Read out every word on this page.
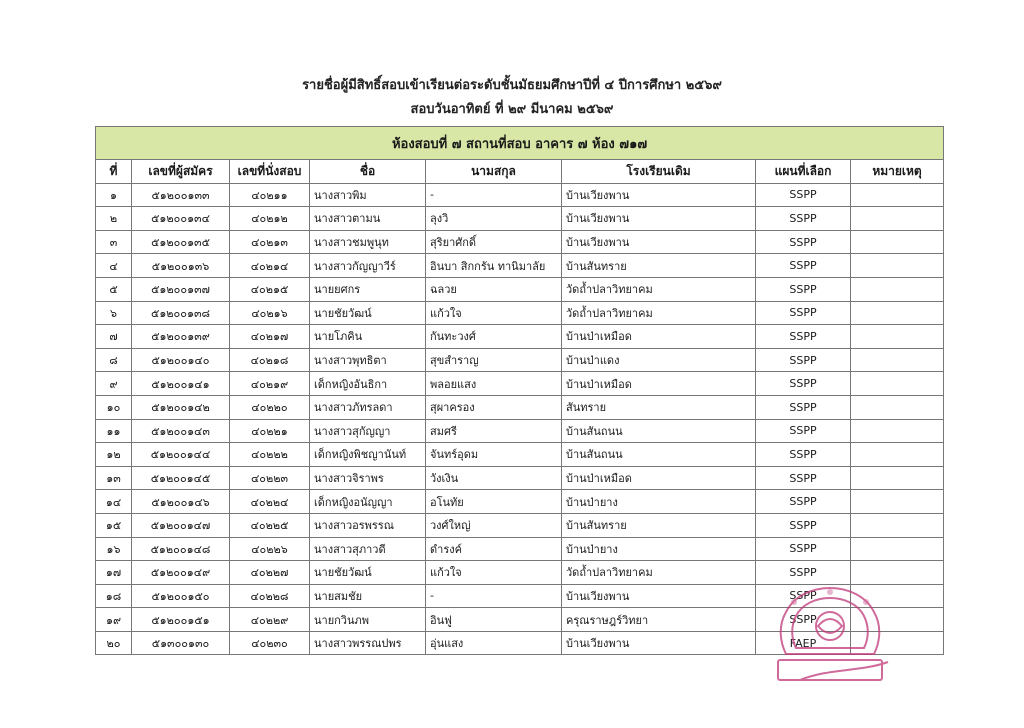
รายชื่อผู้มีสิทธิ์สอบเข้าเรียนต่อระดับชั้นมัธยมศึกษาปีที่ ๔ ปีการศึกษา ๒๕๖๙
สอบวันอาทิตย์ ที่ ๒๙ มีนาคม ๒๕๖๙
ห้องสอบที่ ๗ สถานที่สอบ อาคาร ๗ ห้อง ๗๑๗							
ที่	เลขที่ผู้สมัคร	เลขที่นั่งสอบ	ชื่อ	นามสกุล	โรงเรียนเดิม	แผนที่เลือก	หมายเหตุ
๑	๕๑๒๐๐๑๓๓	๔๐๒๑๑	นางสาวพิม	-	บ้านเวียงพาน	SSPP	
๒	๕๑๒๐๐๑๓๔	๔๐๒๑๒	นางสาวตามน	ลุงวิ	บ้านเวียงพาน	SSPP	
๓	๕๑๒๐๐๑๓๕	๔๐๒๑๓	นางสาวชมพูนุท	สุริยาศักดิ์	บ้านเวียงพาน	SSPP	
๔	๕๑๒๐๐๑๓๖	๔๐๒๑๔	นางสาวกัญญาวีร์	อินบา สิกกรัน ทานิมาลัย	บ้านสันทราย	SSPP	
๕	๕๑๒๐๐๑๓๗	๔๐๒๑๕	นายยศกร	ฉลวย	วัดถ้ำปลาวิทยาคม	SSPP	
๖	๕๑๒๐๐๑๓๘	๔๐๒๑๖	นายชัยวัฒน์	แก้วใจ	วัดถ้ำปลาวิทยาคม	SSPP	
๗	๕๑๒๐๐๑๓๙	๔๐๒๑๗	นายโภคิน	กันทะวงศ์	บ้านป่าเหมือด	SSPP	
๘	๕๑๒๐๐๑๔๐	๔๐๒๑๘	นางสาวพุทธิตา	สุขสำราญ	บ้านป่าแดง	SSPP	
๙	๕๑๒๐๐๑๔๑	๔๐๒๑๙	เด็กหญิงอันธิกา	พลอยแสง	บ้านป่าเหมือด	SSPP	
๑๐	๕๑๒๐๐๑๔๒	๔๐๒๒๐	นางสาวภัทรลดา	สุผาครอง	สันทราย	SSPP	
๑๑	๕๑๒๐๐๑๔๓	๔๐๒๒๑	นางสาวสุกัญญา	สมศรี	บ้านสันถนน	SSPP	
๑๒	๕๑๒๐๐๑๔๔	๔๐๒๒๒	เด็กหญิงพิชญานันท์	จันทร์อุดม	บ้านสันถนน	SSPP	
๑๓	๕๑๒๐๐๑๔๕	๔๐๒๒๓	นางสาวจิราพร	วังเงิน	บ้านป่าเหมือด	SSPP	
๑๔	๕๑๒๐๐๑๔๖	๔๐๒๒๔	เด็กหญิงอนัญญา	อโนทัย	บ้านป่ายาง	SSPP	
๑๕	๕๑๒๐๐๑๔๗	๔๐๒๒๕	นางสาวอรพรรณ	วงศ์ใหญ่	บ้านสันทราย	SSPP	
๑๖	๕๑๒๐๐๑๔๘	๔๐๒๒๖	นางสาวสุภาวดี	ดำรงค์	บ้านป่ายาง	SSPP	
๑๗	๕๑๒๐๐๑๔๙	๔๐๒๒๗	นายชัยวัฒน์	แก้วใจ	วัดถ้ำปลาวิทยาคม	SSPP	
๑๘	๕๑๒๐๐๑๕๐	๔๐๒๒๘	นายสมชัย	-	บ้านเวียงพาน	SSPP	
๑๙	๕๑๒๐๐๑๕๑	๔๐๒๒๙	นายกวินภพ	อินฟู	ครุณราษฎร์วิทยา	SSPP	
๒๐	๕๑๓๐๐๑๓๐	๔๐๒๓๐	นางสาวพรรณปพร	อุ่นแสง	บ้านเวียงพาน	FAEP	
